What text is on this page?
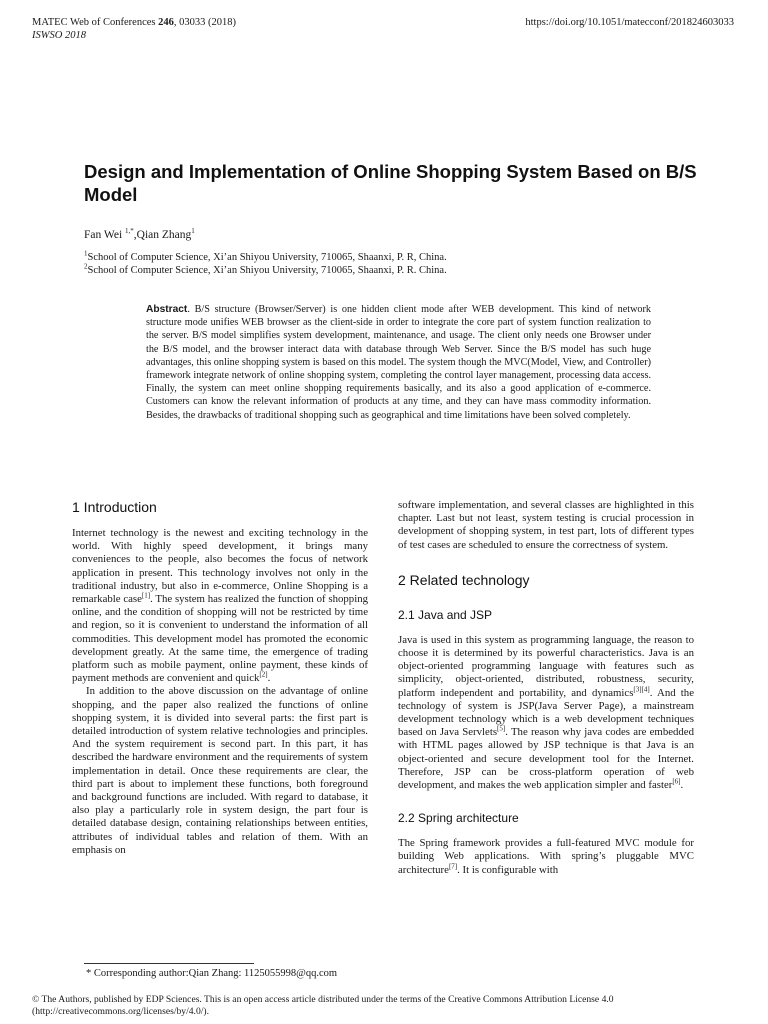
MATEC Web of Conferences 246, 03033 (2018)
ISWSO 2018
https://doi.org/10.1051/matecconf/201824603033
Design and Implementation of Online Shopping System Based on B/S Model
Fan Wei $^{1,*}$,Qian Zhang$^1$
$^1$School of Computer Science, Xi’an Shiyou University, 710065, Shaanxi, P. R, China.
$^2$School of Computer Science, Xi’an Shiyou University, 710065, Shaanxi, P. R. China.
Abstract. B/S structure (Browser/Server) is one hidden client mode after WEB development. This kind of network structure mode unifies WEB browser as the client-side in order to integrate the core part of system function realization to the server. B/S model simplifies system development, maintenance, and usage. The client only needs one Browser under the B/S model, and the browser interact data with database through Web Server. Since the B/S model has such huge advantages, this online shopping system is based on this model. The system though the MVC(Model, View, and Controller) framework integrate network of online shopping system, completing the control layer management, processing data access. Finally, the system can meet online shopping requirements basically, and its also a good application of e-commerce. Customers can know the relevant information of products at any time, and they can have mass commodity information. Besides, the drawbacks of traditional shopping such as geographical and time limitations have been solved completely.
1 Introduction

Internet technology is the newest and exciting technology in the world. With highly speed development, it brings many conveniences to the people, also becomes the focus of network application in present. This technology involves not only in the traditional industry, but also in e-commerce, Online Shopping is a remarkable case[1]. The system has realized the function of shopping online, and the condition of shopping will not be restricted by time and region, so it is convenient to understand the information of all commodities. This development model has promoted the economic development greatly. At the same time, the emergence of trading platform such as mobile payment, online payment, these kinds of payment methods are convenient and quick[2].

In addition to the above discussion on the advantage of online shopping, and the paper also realized the functions of online shopping system, it is divided into several parts: the first part is detailed introduction of system relative technologies and principles. And the system requirement is second part. In this part, it has described the hardware environment and the requirements of system implementation in detail. Once these requirements are clear, the third part is about to implement these functions, both foreground and background functions are included. With regard to database, it also play a particularly role in system design, the part four is detailed database design, containing relationships between entities, attributes of individual tables and relation of them. With an emphasis on

software implementation, and several classes are highlighted in this chapter. Last but not least, system testing is crucial procession in development of shopping system, in test part, lots of different types of test cases are scheduled to ensure the correctness of system.

2 Related technology
2.1 Java and JSP

Java is used in this system as programming language, the reason to choose it is determined by its powerful characteristics. Java is an object-oriented programming language with features such as simplicity, object-oriented, distributed, robustness, security, platform independent and portability, and dynamics[3][4]. And the technology of system is JSP(Java Server Page), a mainstream development technology which is a web development techniques based on Java Servlets[5]. The reason why java codes are embedded with HTML pages allowed by JSP technique is that Java is an object-oriented and secure development tool for the Internet. Therefore, JSP can be cross-platform operation of web development, and makes the web application simpler and faster[6].

2.2 Spring architecture

The Spring framework provides a full-featured MVC module for building Web applications. With spring’s pluggable MVC architecture[7]. It is configurable with

* Corresponding author:Qian Zhang: 1125055998@qq.com
© The Authors, published by EDP Sciences. This is an open access article distributed under the terms of the Creative Commons Attribution License 4.0 (http://creativecommons.org/licenses/by/4.0/).
